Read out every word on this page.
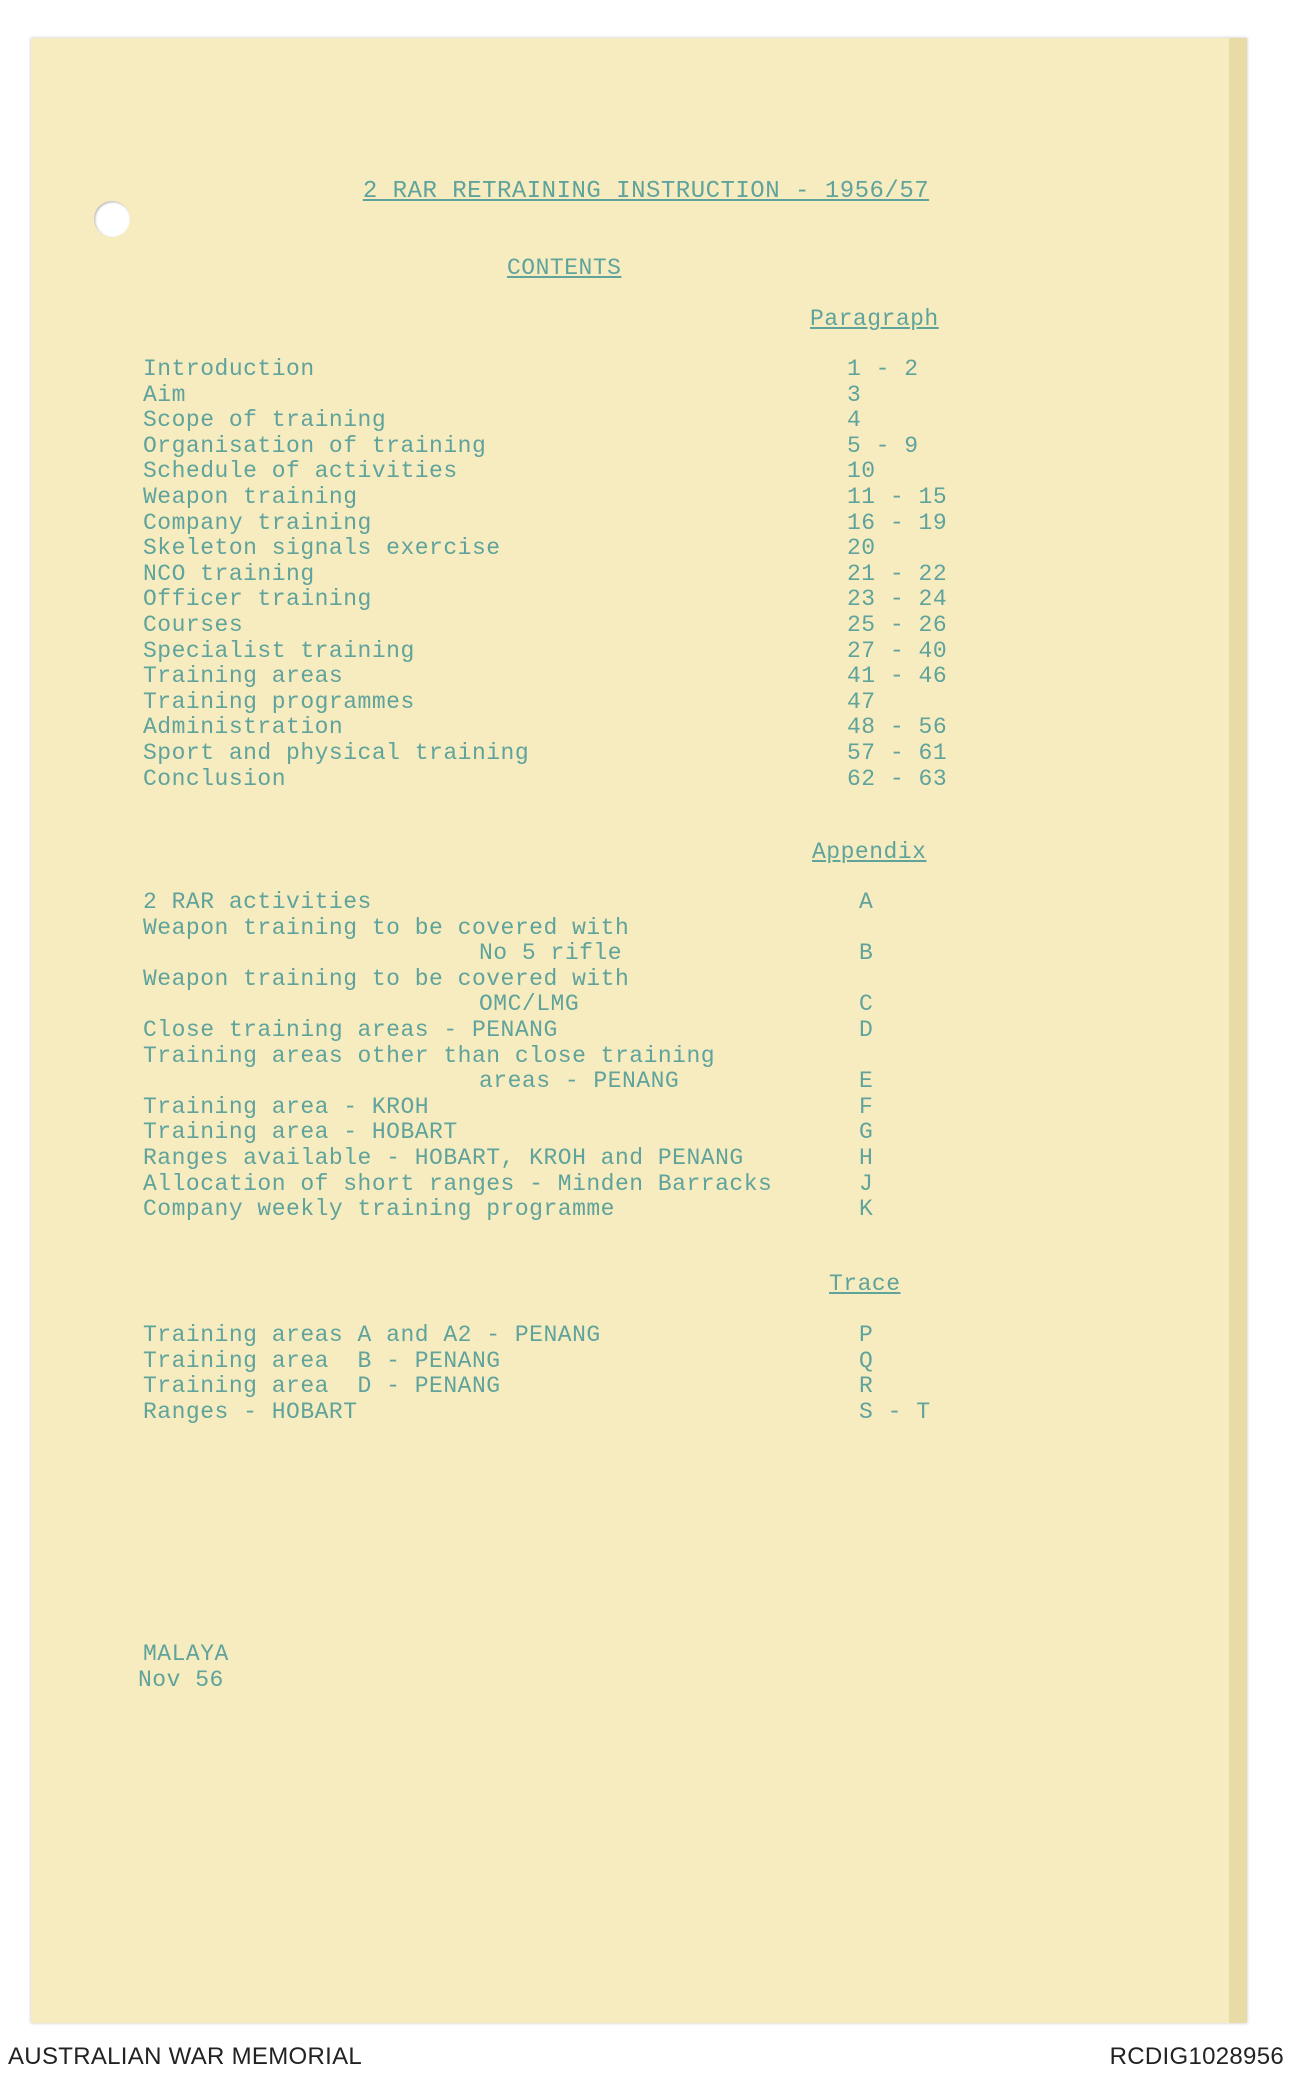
2 RAR RETRAINING INSTRUCTION - 1956/57
CONTENTS
Paragraph
Introduction	1 - 2
Aim	3
Scope of training	4
Organisation of training	5 - 9
Schedule of activities	10
Weapon training	11 - 15
Company training	16 - 19
Skeleton signals exercise	20
NCO training	21 - 22
Officer training	23 - 24
Courses	25 - 26
Specialist training	27 - 40
Training areas	41 - 46
Training programmes	47
Administration	48 - 56
Sport and physical training	57 - 61
Conclusion	62 - 63
Appendix
2 RAR activities	A
Weapon training to be covered with
No 5 rifle	B
Weapon training to be covered with
OMC/LMG	C
Close training areas - PENANG	D
Training areas other than close training
areas - PENANG	E
Training area - KROH	F
Training area - HOBART	G
Ranges available - HOBART, KROH and PENANG	H
Allocation of short ranges - Minden Barracks	J
Company weekly training programme	K
Trace
Training areas A and A2 - PENANG	P
Training area  B - PENANG	Q
Training area  D - PENANG	R
Ranges - HOBART	S - T
MALAYA
Nov 56
AUSTRALIAN WAR MEMORIAL	RCDIG1028956
